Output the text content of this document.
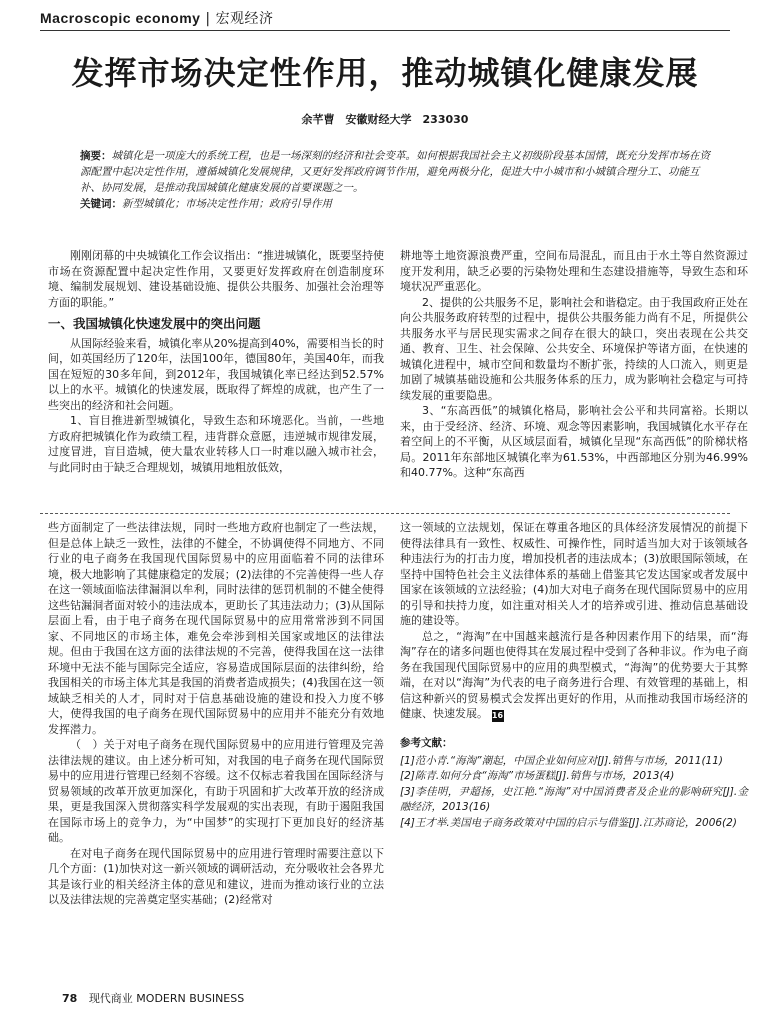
Macroscopic economy | 宏观经济
发挥市场决定性作用，推动城镇化健康发展
余芊曹　安徽财经大学　233030
摘要：城镇化是一项庞大的系统工程，也是一场深刻的经济和社会变革。如何根据我国社会主义初级阶段基本国情，既充分发挥市场在资源配置中起决定性作用，遵循城镇化发展规律，又更好发挥政府调节作用，避免两极分化，促进大中小城市和小城镇合理分工、功能互补、协同发展，是推动我国城镇化健康发展的首要课题之一。
关键词：新型城镇化；市场决定性作用；政府引导作用

刚刚闭幕的中央城镇化工作会议指出：“推进城镇化，既要坚持使市场在资源配置中起决定性作用，又要更好发挥政府在创造制度环境、编制发展规划、建设基础设施、提供公共服务、加强社会治理等方面的职能。”

一、我国城镇化快速发展中的突出问题

从国际经验来看，城镇化率从20%提高到40%，需要相当长的时间，如英国经历了120年，法国100年，德国80年，美国40年，而我国在短短的30多年间，到2012年，我国城镇化率已经达到52.57%以上的水平。城镇化的快速发展，既取得了辉煌的成就，也产生了一些突出的经济和社会问题。

1、盲目推进新型城镇化，导致生态和环境恶化。当前，一些地方政府把城镇化作为政绩工程，违背群众意愿，违逆城市规律发展，过度冒进，盲目造城，使大量农业转移人口一时难以融入城市社会，与此同时由于缺乏合理规划，城镇用地粗放低效，

耕地等土地资源浪费严重，空间布局混乱，而且由于水土等自然资源过度开发利用，缺乏必要的污染物处理和生态建设措施等，导致生态和环境状况严重恶化。

2、提供的公共服务不足，影响社会和谐稳定。由于我国政府正处在向公共服务政府转型的过程中，提供公共服务能力尚有不足，所提供公共服务水平与居民现实需求之间存在很大的缺口，突出表现在公共交通、教育、卫生、社会保障、公共安全、环境保护等诸方面，在快速的城镇化进程中，城市空间和数量均不断扩张，持续的人口流入，则更是加剧了城镇基础设施和公共服务体系的压力，成为影响社会稳定与可持续发展的重要隐患。

3、“东高西低”的城镇化格局，影响社会公平和共同富裕。长期以来，由于受经济、经济、环境、观念等因素影响，我国城镇化水平存在着空间上的不平衡，从区域层面看，城镇化呈现“东高西低”的阶梯状格局。2011年东部地区城镇化率为61.53%，中西部地区分别为46.99%和40.77%。这种“东高西

些方面制定了一些法律法规，同时一些地方政府也制定了一些法规，但是总体上缺乏一致性，法律的不健全，不协调使得不同地方、不同行业的电子商务在我国现代国际贸易中的应用面临着不同的法律环境，极大地影响了其健康稳定的发展；(2)法律的不完善使得一些人存在这一领域面临法律漏洞以牟利，同时法律的惩罚机制的不健全使得这些钻漏洞者面对较小的违法成本，更助长了其违法动力；(3)从国际层面上看，由于电子商务在现代国际贸易中的应用常常涉到不同国家、不同地区的市场主体，难免会牵涉到相关国家或地区的法律法规。但由于我国在这方面的法律法规的不完善，使得我国在这一法律环境中无法不能与国际完全适应，容易造成国际层面的法律纠纷，给我国相关的市场主体尤其是我国的消费者造成损失；(4)我国在这一领域缺乏相关的人才，同时对于信息基础设施的建设和投入力度不够大，使得我国的电子商务在现代国际贸易中的应用并不能充分有效地发挥潜力。

（　）关于对电子商务在现代国际贸易中的应用进行管理及完善法律法规的建议。由上述分析可知，对我国的电子商务在现代国际贸易中的应用进行管理已经刻不容缓。这不仅标志着我国在国际经济与贸易领域的改革开放更加深化，有助于巩固和扩大改革开放的经济成果，更是我国深入贯彻落实科学发展观的实出表现，有助于遏阻我国在国际市场上的竞争力，为“中国梦”的实现打下更加良好的经济基础。

在对电子商务在现代国际贸易中的应用进行管理时需要注意以下几个方面：(1)加快对这一新兴领域的调研活动，充分吸收社会各界尤其是该行业的相关经济主体的意见和建议，进而为推动该行业的立法以及法律法规的完善奠定坚实基础；(2)经常对

这一领域的立法规划，保证在尊重各地区的具体经济发展情况的前提下使得法律具有一致性、权威性、可操作性，同时适当加大对于该领域各种违法行为的打击力度，增加投机者的违法成本；(3)放眼国际领域，在坚持中国特色社会主义法律体系的基础上借鉴其它发达国家或者发展中国家在该领域的立法经验；(4)加大对电子商务在现代国际贸易中的应用的引导和扶持力度，如注重对相关人才的培养或引进、推动信息基础设施的建设等。

总之，“海淘”在中国越来越流行是各种因素作用下的结果，而“海淘”存在的诸多问题也使得其在发展过程中受到了各种非议。作为电子商务在我国现代国际贸易中的应用的典型模式，“海淘”的优势要大于其弊端，在对以“海淘”为代表的电子商务进行合理、有效管理的基础上，相信这种新兴的贸易模式会发挥出更好的作用，从而推动我国市场经济的健康、快速发展。 16

参考文献：
[1]范小青.“海淘”潮起，中国企业如何应对[J].销售与市场，2011(11)
[2]陈青.如何分食“海淘”市场蛋糕[J].销售与市场，2013(4)
[3]李佳明，尹超扬，史江艳.“海淘”对中国消费者及企业的影响研究[J].金融经济，2013(16)
[4]王才举.美国电子商务政策对中国的启示与借鉴[J].江苏商论，2006(2)
78 现代商业 MODERN BUSINESS
